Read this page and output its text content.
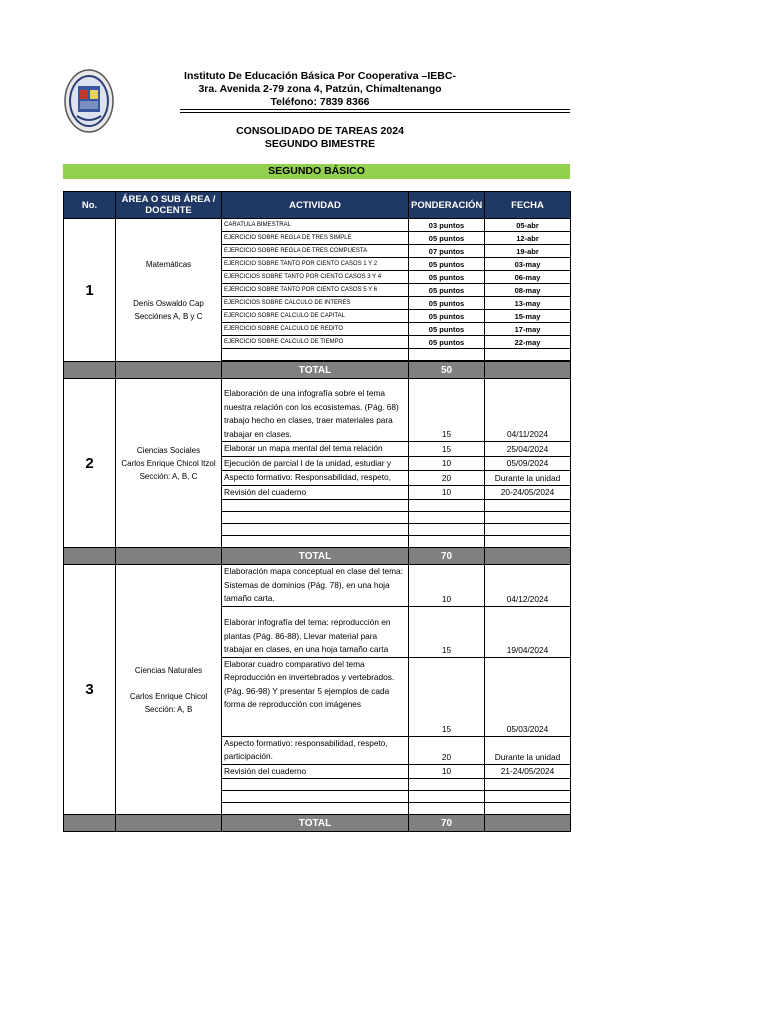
Instituto De Educación Básica Por Cooperativa –IEBC-
3ra. Avenida 2-79 zona 4, Patzún, Chimaltenango
Teléfono: 7839 8366
CONSOLIDADO DE TAREAS 2024
SEGUNDO BIMESTRE
SEGUNDO BÁSICO
No.	ÁREA O SUB ÁREA / DOCENTE	ACTIVIDAD	PONDERACIÓN	FECHA
1	Matemáticas

Denis Oswaldo Cap
Secciónes A, B y C	CARATULA BIMESTRAL	03 puntos	05-abr
		EJERCICIO SOBRE REGLA DE TRES SIMPLE	05 puntos	12-abr
		EJERCICIO SOBRE REGLA DE TRES COMPUESTA	07 puntos	19-abr
		EJERCICIO SOBRE TANTO POR CIENTO CASOS 1 Y 2	05 puntos	03-may
		EJERCICIOS SOBRE TANTO POR CIENTO CASOS 3 Y 4	05 puntos	06-may
		EJERCICIO SOBRE TANTO POR CIENTO CASOS 5 Y 6	05 puntos	08-may
		EJERCICIOS SOBRE CALCULO DE INTERES	05 puntos	13-may
		EJERCICIO SOBRE CALCULO DE CAPITAL	05 puntos	15-may
		EJERCICIO SOBRE CALCULO DE REDITO	05 puntos	17-may
		EJERCICIO SOBRE CALCULO DE TIEMPO	05 puntos	22-may

		TOTAL	50	
2	Ciencias Sociales
Carlos Enrique Chicol Itzol
Sección: A, B, C	Elaboración de una infografía sobre el tema nuestra relación con los ecosistemas. (Pág. 68) trabajo hecho en clases, traer materiales para trabajar en clases.	15	04/11/2024
		Elaborar un mapa mental del tema relación	15	25/04/2024
		Ejecución de parcial I de la unidad, estudiar y	10	05/09/2024
		Aspecto formativo: Responsabilidad, respeto,	20	Durante la unidad
		Revisión del cuaderno	10	20-24/05/2024

		TOTAL	70	
3	Ciencias Naturales

Carlos Enrique Chicol
Sección: A, B	Elaboración mapa conceptual en clase del tema: Sistemas de dominios (Pág. 78), en una hoja tamaño carta.	10	04/12/2024
		Elaborar infografía del tema: reproducción en plantas (Pág. 86-88). Llevar material para trabajar en clases, en una hoja tamaño carta	15	19/04/2024
		Elaborar cuadro comparativo del tema Reproducción en invertebrados y vertebrados. (Pág. 96-98) Y presentar 5 ejemplos de cada forma de reproducción con imágenes	15	05/03/2024
		Aspecto formativo: responsabilidad, respeto, participación.	20	Durante la unidad
		Revisión del cuaderno	10	21-24/05/2024

		TOTAL	70	
